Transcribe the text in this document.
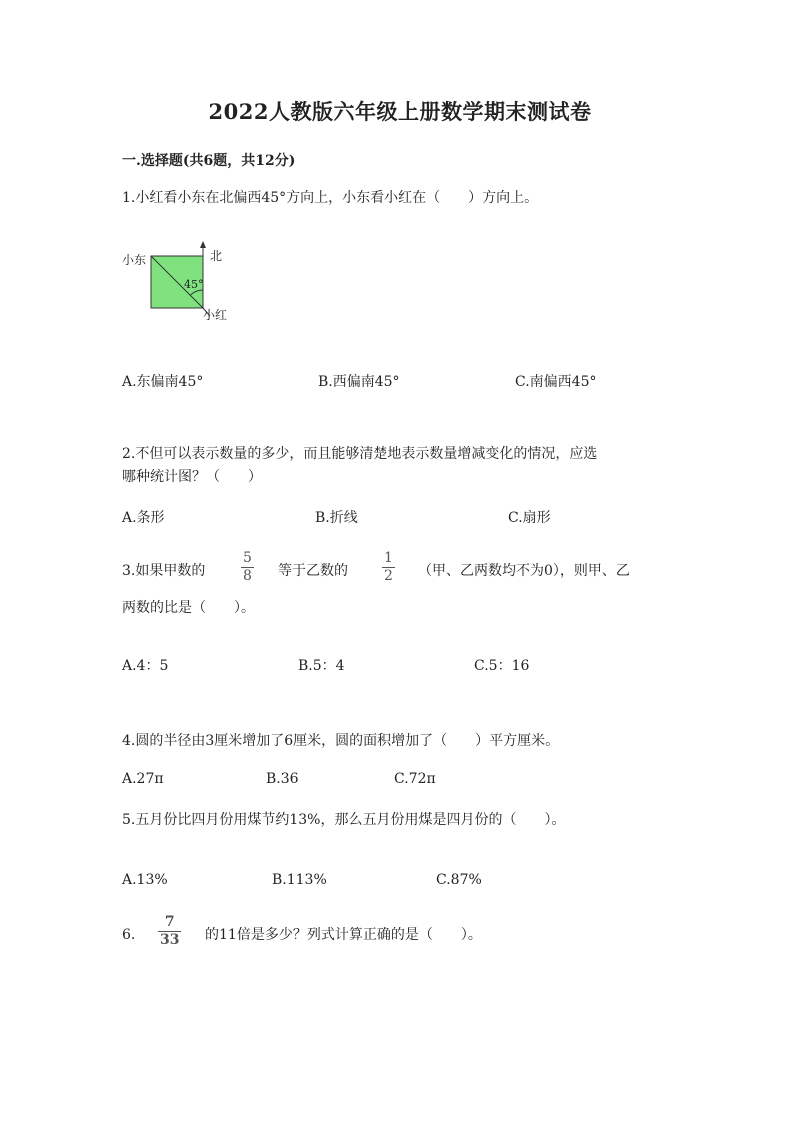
2022人教版六年级上册数学期末测试卷
一.选择题(共6题，共12分)
1.小红看小东在北偏西45°方向上，小东看小红在（　　）方向上。
小东	北
45°
小红
A.东偏南45°	B.西偏南45°	C.南偏西45°
2.不但可以表示数量的多少，而且能够清楚地表示数量增减变化的情况，应选
哪种统计图？（　　）
A.条形	B.折线	C.扇形
3.如果甲数的
5
8 等于乙数的
1
2 （甲、乙两数均不为0），则甲、乙
两数的比是（　　）。
A.4：5	B.5：4	C.5：16
4.圆的半径由3厘米增加了6厘米，圆的面积增加了（　　）平方厘米。
A.27π	B.36	C.72π
5.五月份比四月份用煤节约13%，那么五月份用煤是四月份的（　　）。
A.13%	B.113%	C.87%
6.
7
33 的11倍是多少？列式计算正确的是（　　）。
